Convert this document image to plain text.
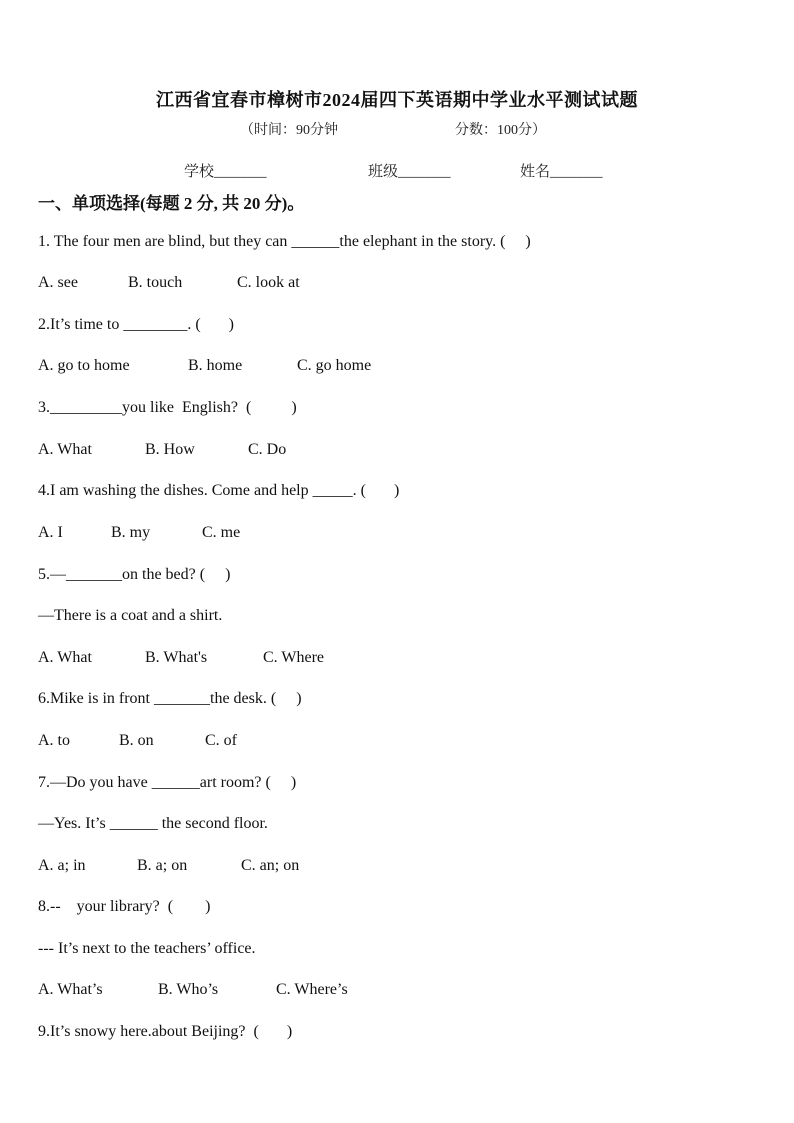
江西省宜春市樟树市2024届四下英语期中学业水平测试试题
（时间：90分钟	分数：100分）
学校_______	班级_______	姓名_______
一、单项选择(每题 2 分, 共 20 分)。
1. The four men are blind, but they can ______the elephant in the story. (     )

A. see

	B. touch

	C. look at

2.It’s time to ________. (       )

A. go to home

	B. home

	C. go home

3._________you like  English?  (          )

A. What

	B. How

	C. Do

4.I am washing the dishes. Come and help _____. (       )

A. I

	B. my

	C. me

5.—_______on the bed? (     )
—There is a coat and a shirt.

A. What

	B. What's

	C. Where

6.Mike is in front _______the desk. (     )

A. to

	B. on

	C. of

7.—Do you have ______art room? (     )
—Yes. It’s ______ the second floor.

A. a; in

	B. a; on

	C. an; on

8.--    your library?  (        )
--- It’s next to the teachers’ office.

A. What’s

	B. Who’s

	C. Where’s

9.It’s snowy here.about Beijing?  (       )
